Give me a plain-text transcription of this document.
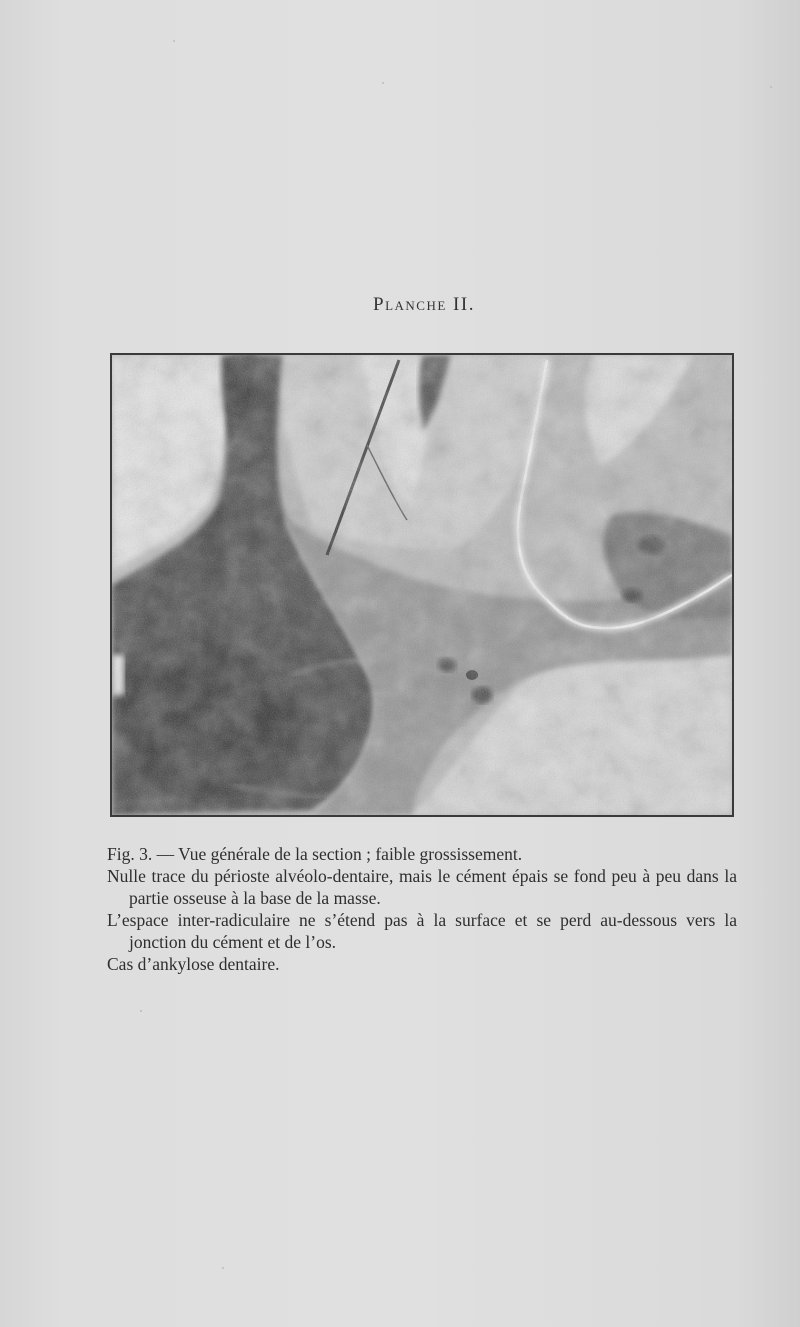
Planche II.

Fig. 3. — Vue générale de la section ; faible grossissement.

Nulle trace du périoste alvéolo-dentaire, mais le cément épais se fond peu à peu dans la partie osseuse à la base de la masse.

L’espace inter-radiculaire ne s’étend pas à la surface et se perd au-dessous vers la jonction du cément et de l’os.

Cas d’ankylose dentaire.
